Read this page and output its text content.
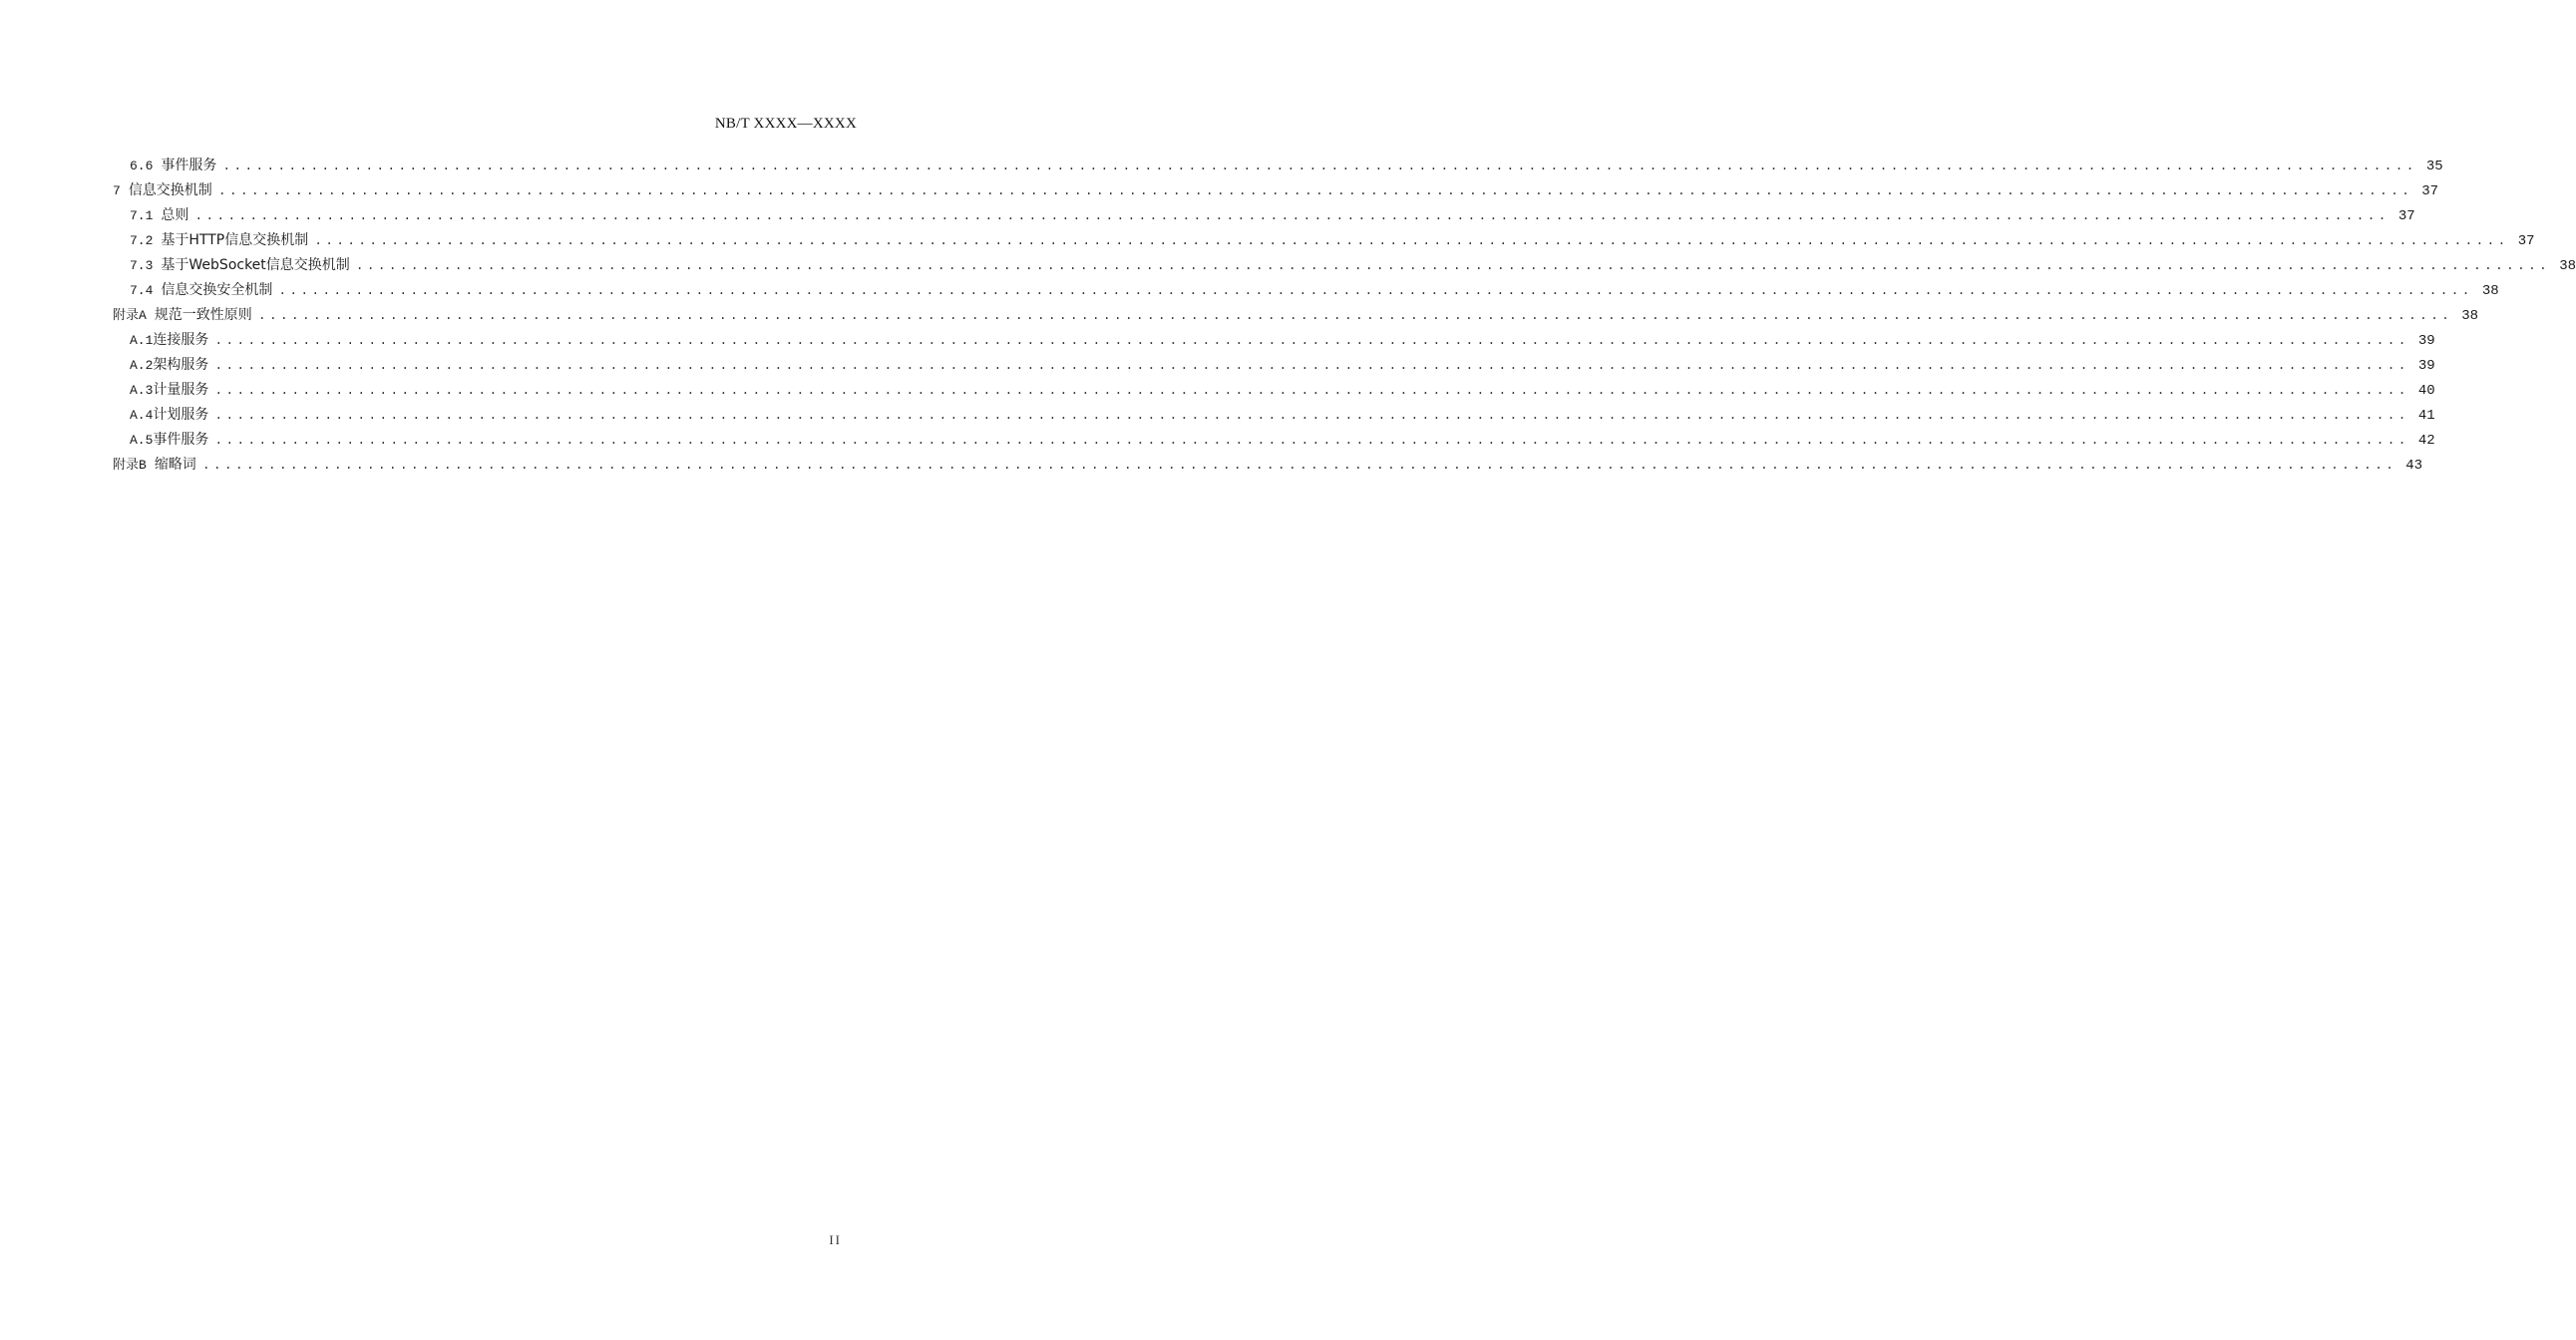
NB/T XXXX—XXXX
6.6 事件服务 ........................................................................................................................................................................................................ 35
7 信息交换机制 ........................................................................................................................................................................................................ 37
7.1 总则 ........................................................................................................................................................................................................ 37
7.2 基于HTTP信息交换机制 ........................................................................................................................................................................................................ 37
7.3 基于WebSocket信息交换机制 ........................................................................................................................................................................................................ 38
7.4 信息交换安全机制 ........................................................................................................................................................................................................ 38
附录A 规范一致性原则 ........................................................................................................................................................................................................ 38
A.1 连接服务 ........................................................................................................................................................................................................ 39
A.2 架构服务 ........................................................................................................................................................................................................ 39
A.3 计量服务 ........................................................................................................................................................................................................ 40
A.4 计划服务 ........................................................................................................................................................................................................ 41
A.5 事件服务 ........................................................................................................................................................................................................ 42
附录B 缩略词 ........................................................................................................................................................................................................ 43
II
